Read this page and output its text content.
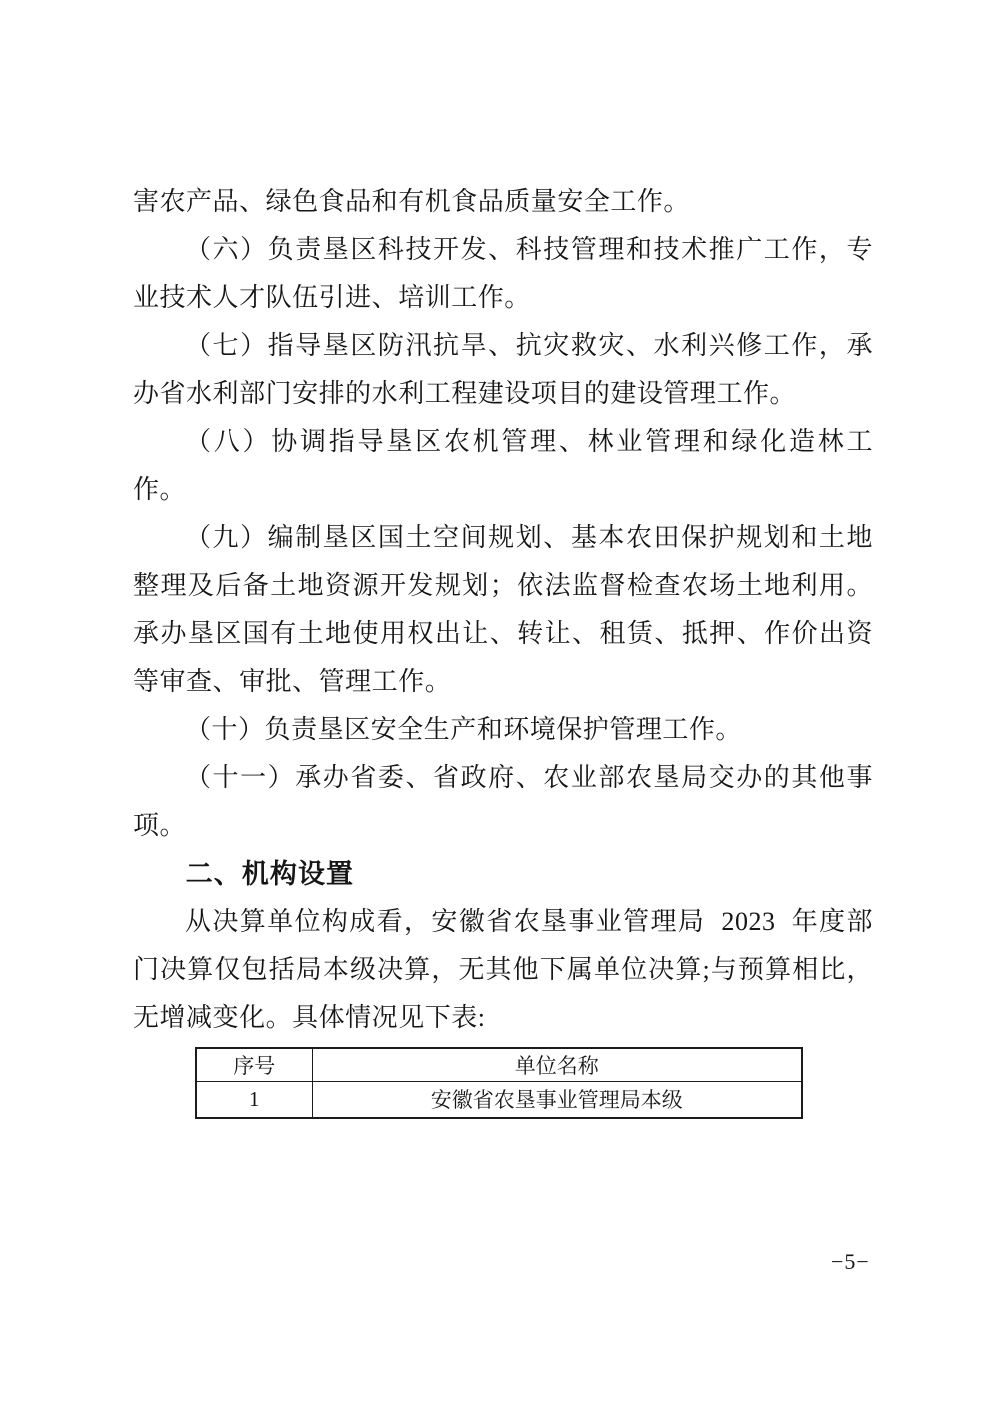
害农产品、绿色食品和有机食品质量安全工作。

（六）负责垦区科技开发、科技管理和技术推广工作，专业技术人才队伍引进、培训工作。

（七）指导垦区防汛抗旱、抗灾救灾、水利兴修工作，承办省水利部门安排的水利工程建设项目的建设管理工作。

（八）协调指导垦区农机管理、林业管理和绿化造林工作。

（九）编制垦区国土空间规划、基本农田保护规划和土地整理及后备土地资源开发规划；依法监督检查农场土地利用。承办垦区国有土地使用权出让、转让、租赁、抵押、作价出资等审查、审批、管理工作。

（十）负责垦区安全生产和环境保护管理工作。

（十一）承办省委、省政府、农业部农垦局交办的其他事项。

二、机构设置

从决算单位构成看，安徽省农垦事业管理局 2023 年度部门决算仅包括局本级决算，无其他下属单位决算;与预算相比，无增减变化。具体情况见下表:

序号	单位名称
1	安徽省农垦事业管理局本级
−5−
